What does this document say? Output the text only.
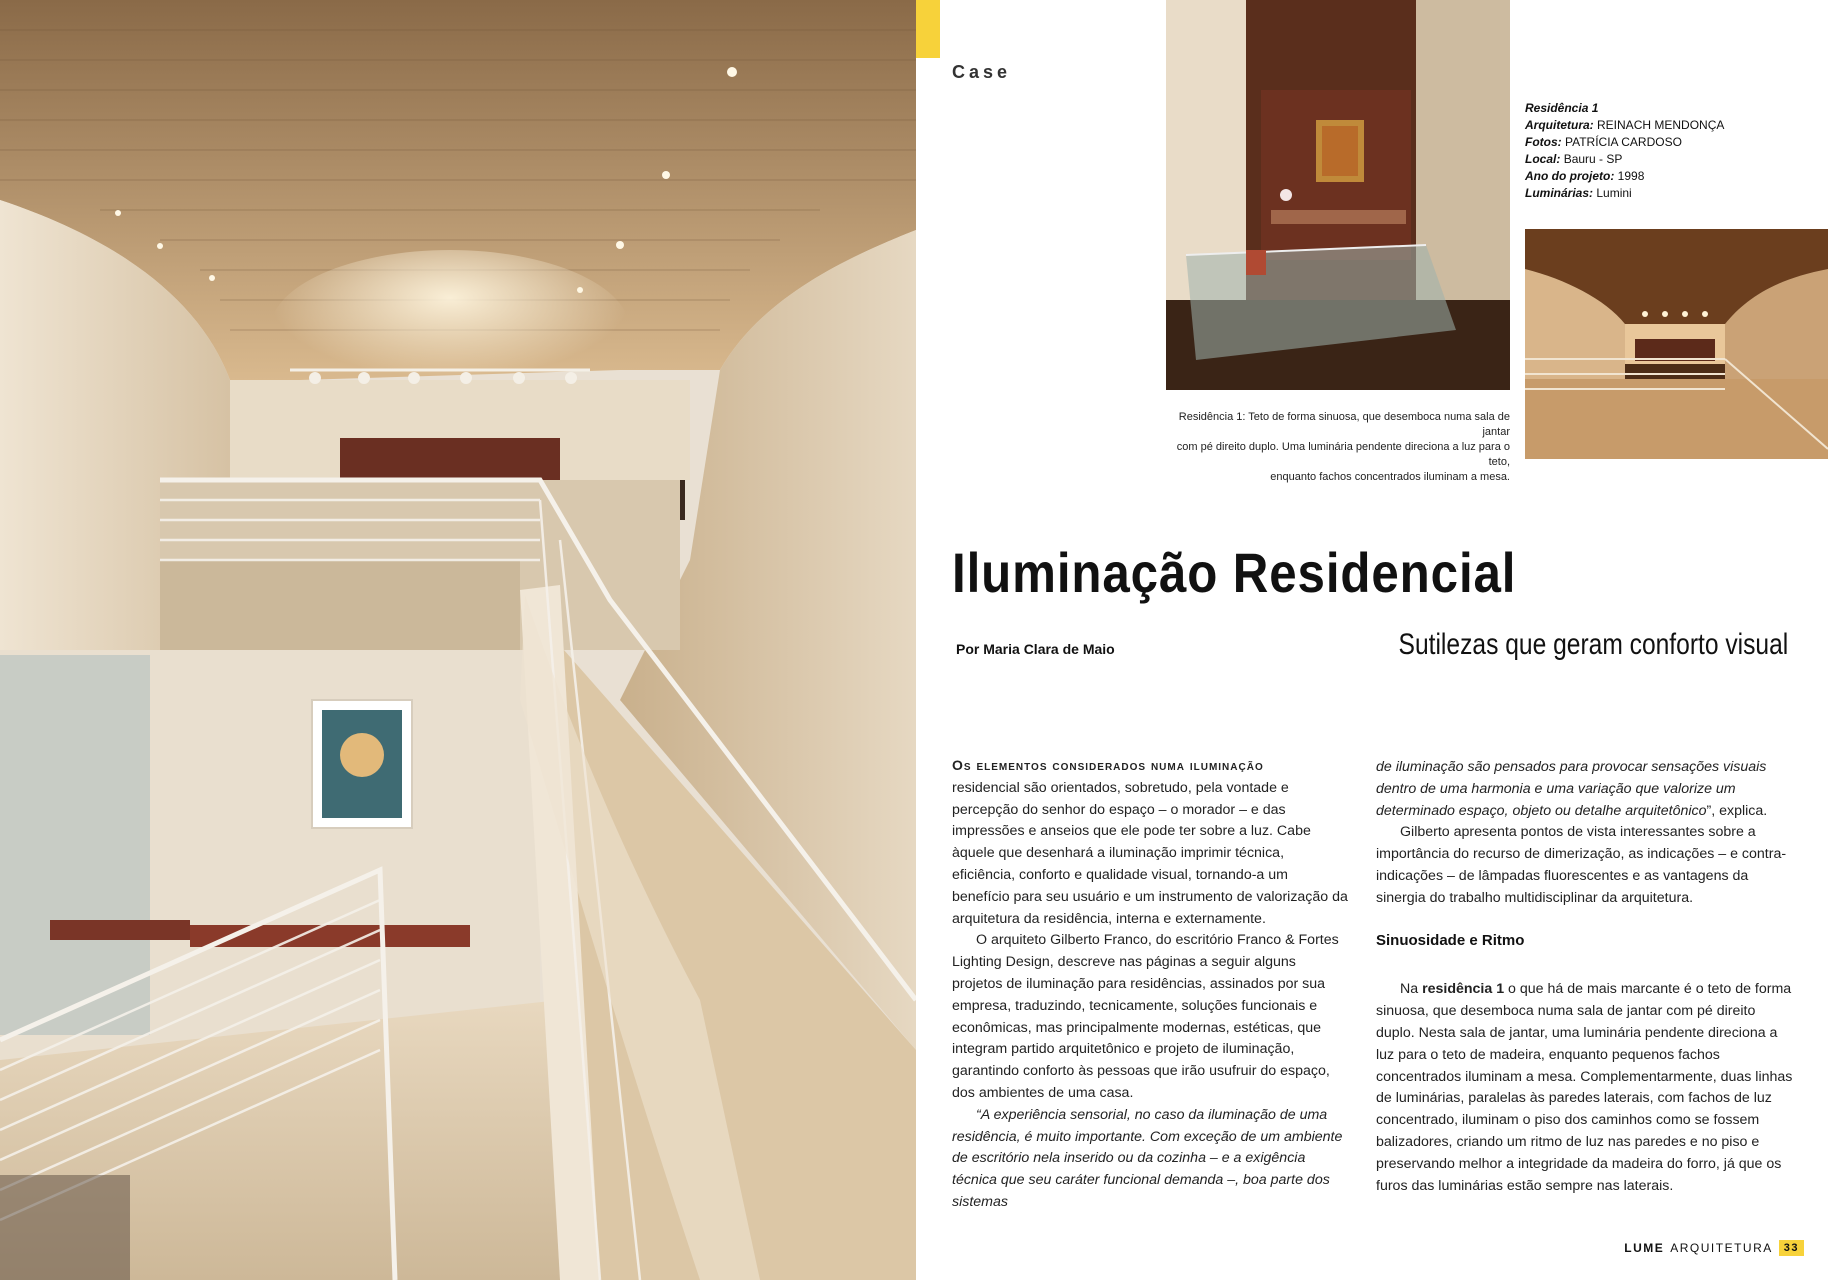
Case
Residência 1
Arquitetura: REINACH MENDONÇA
Fotos: PATRÍCIA CARDOSO
Local: Bauru - SP
Ano do projeto: 1998
Luminárias: Lumini
Residência 1: Teto de forma sinuosa, que desemboca numa sala de jantar
com pé direito duplo. Uma luminária pendente direciona a luz para o teto,
enquanto fachos concentrados iluminam a mesa.
Iluminação Residencial
Por Maria Clara de Maio	Sutilezas que geram conforto visual

Os elementos considerados numa iluminação
residencial são orientados, sobretudo, pela vontade e percepção do senhor do espaço – o morador – e das impressões e anseios que ele pode ter sobre a luz. Cabe àquele que desenhará a iluminação imprimir técnica, eficiência, conforto e qualidade visual, tornando-a um benefício para seu usuário e um instrumento de valorização da arquitetura da residência, interna e externamente.

O arquiteto Gilberto Franco, do escritório Franco & Fortes Lighting Design, descreve nas páginas a seguir alguns projetos de iluminação para residências, assinados por sua empresa, traduzindo, tecnicamente, soluções funcionais e econômicas, mas principalmente modernas, estéticas, que integram partido arquitetônico e projeto de iluminação, garantindo conforto às pessoas que irão usufruir do espaço, dos ambientes de uma casa.

“A experiência sensorial, no caso da iluminação de uma residência, é muito importante. Com exceção de um ambiente de escritório nela inserido ou da cozinha – e a exigência técnica que seu caráter funcional demanda –, boa parte dos sistemas

de iluminação são pensados para provocar sensações visuais dentro de uma harmonia e uma variação que valorize um determinado espaço, objeto ou detalhe arquitetônico”, explica.

Gilberto apresenta pontos de vista interessantes sobre a importância do recurso de dimerização, as indicações – e contra-indicações – de lâmpadas fluorescentes e as vantagens da sinergia do trabalho multidisciplinar da arquitetura.

Sinuosidade e Ritmo

Na residência 1 o que há de mais marcante é o teto de forma sinuosa, que desemboca numa sala de jantar com pé direito duplo. Nesta sala de jantar, uma luminária pendente direciona a luz para o teto de madeira, enquanto pequenos fachos concentrados iluminam a mesa. Complementarmente, duas linhas de luminárias, paralelas às paredes laterais, com fachos de luz concentrado, iluminam o piso dos caminhos como se fossem balizadores, criando um ritmo de luz nas paredes e no piso e preservando melhor a integridade da madeira do forro, já que os furos das luminárias estão sempre nas laterais.

LUME ARQUITETURA	33
